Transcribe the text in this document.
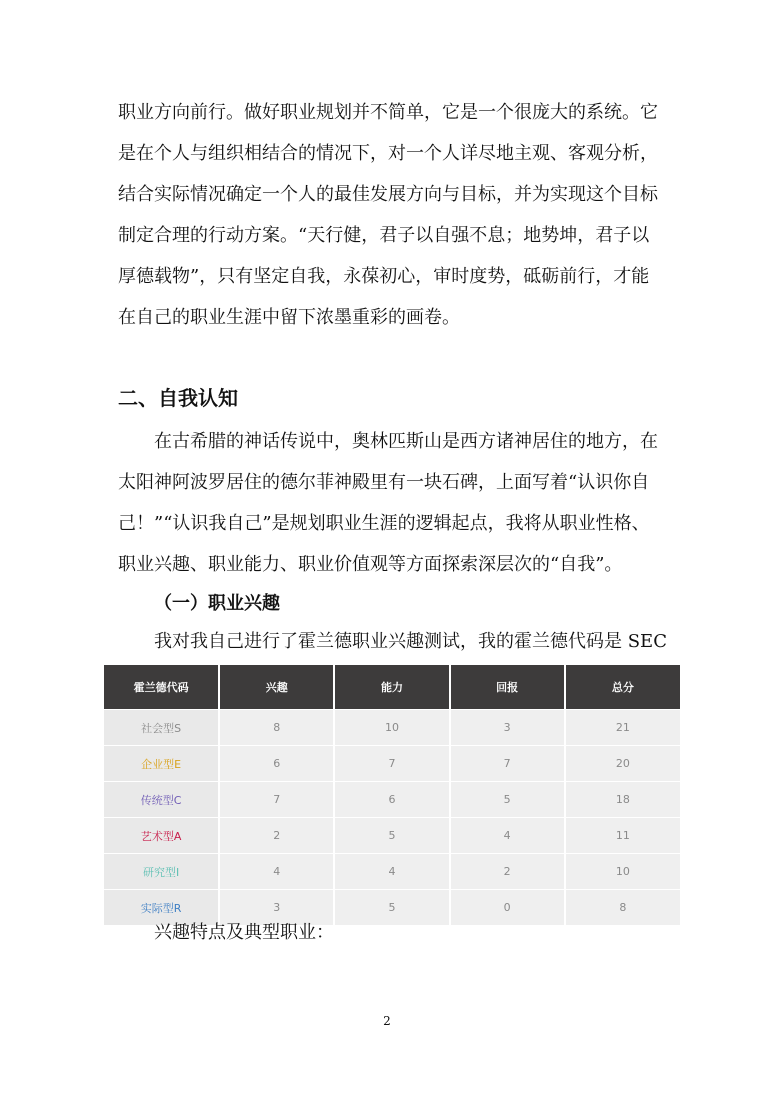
职业方向前行。做好职业规划并不简单，它是一个很庞大的系统。它
是在个人与组织相结合的情况下，对一个人详尽地主观、客观分析，
结合实际情况确定一个人的最佳发展方向与目标，并为实现这个目标
制定合理的行动方案。“天行健，君子以自强不息；地势坤，君子以
厚德载物”，只有坚定自我，永葆初心，审时度势，砥砺前行，才能
在自己的职业生涯中留下浓墨重彩的画卷。
二、自我认知
在古希腊的神话传说中，奥林匹斯山是西方诸神居住的地方，在
太阳神阿波罗居住的德尔菲神殿里有一块石碑，上面写着“认识你自
己！”“认识我自己”是规划职业生涯的逻辑起点，我将从职业性格、
职业兴趣、职业能力、职业价值观等方面探索深层次的“自我”。
（一）职业兴趣
我对我自己进行了霍兰德职业兴趣测试，我的霍兰德代码是 SEC
霍兰德代码	兴趣	能力	回报	总分
社会型S	8	10	3	21
企业型E	6	7	7	20
传统型C	7	6	5	18
艺术型A	2	5	4	11
研究型I	4	4	2	10
实际型R	3	5	0	8
兴趣特点及典型职业：
2
